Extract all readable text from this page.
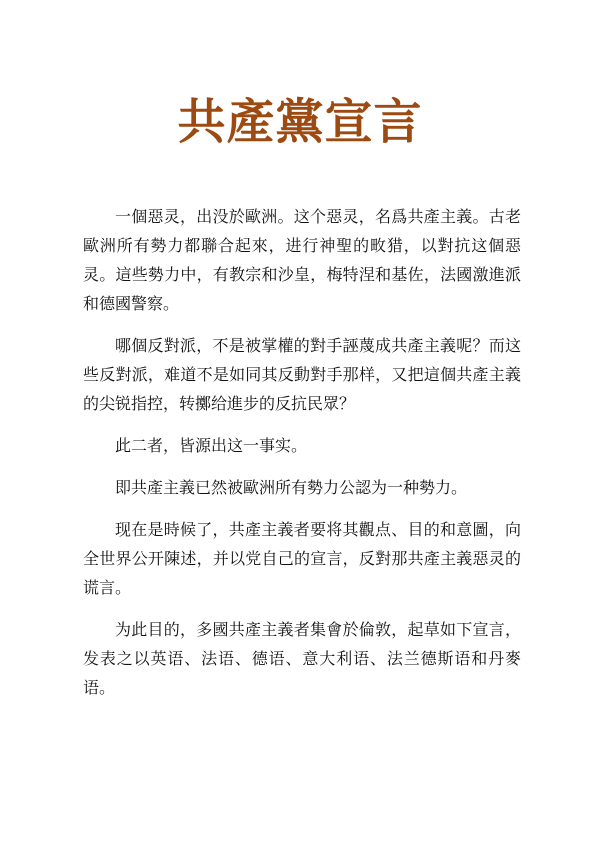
共產黨宣言

一個惡灵，出没於歐洲。这个惡灵，名爲共產主義。古老歐洲所有勢力都聯合起來，进行神聖的畋猎，以對抗这個惡灵。這些勢力中，有教宗和沙皇，梅特涅和基佐，法國激進派和德國警察。

哪個反對派，不是被掌權的對手誣蔑成共產主義呢？而这些反對派，难道不是如同其反動對手那样，又把這個共產主義的尖锐指控，转擲给進步的反抗民眾？

此二者，皆源出这一事实。

即共產主義已然被歐洲所有勢力公認为一种勢力。

现在是時候了，共產主義者要将其觀点、目的和意圖，向全世界公开陳述，并以党自己的宣言，反對那共產主義惡灵的谎言。

为此目的，多國共產主義者集會於倫敦，起草如下宣言，发表之以英语、法语、德语、意大利语、法兰德斯语和丹麥语。
